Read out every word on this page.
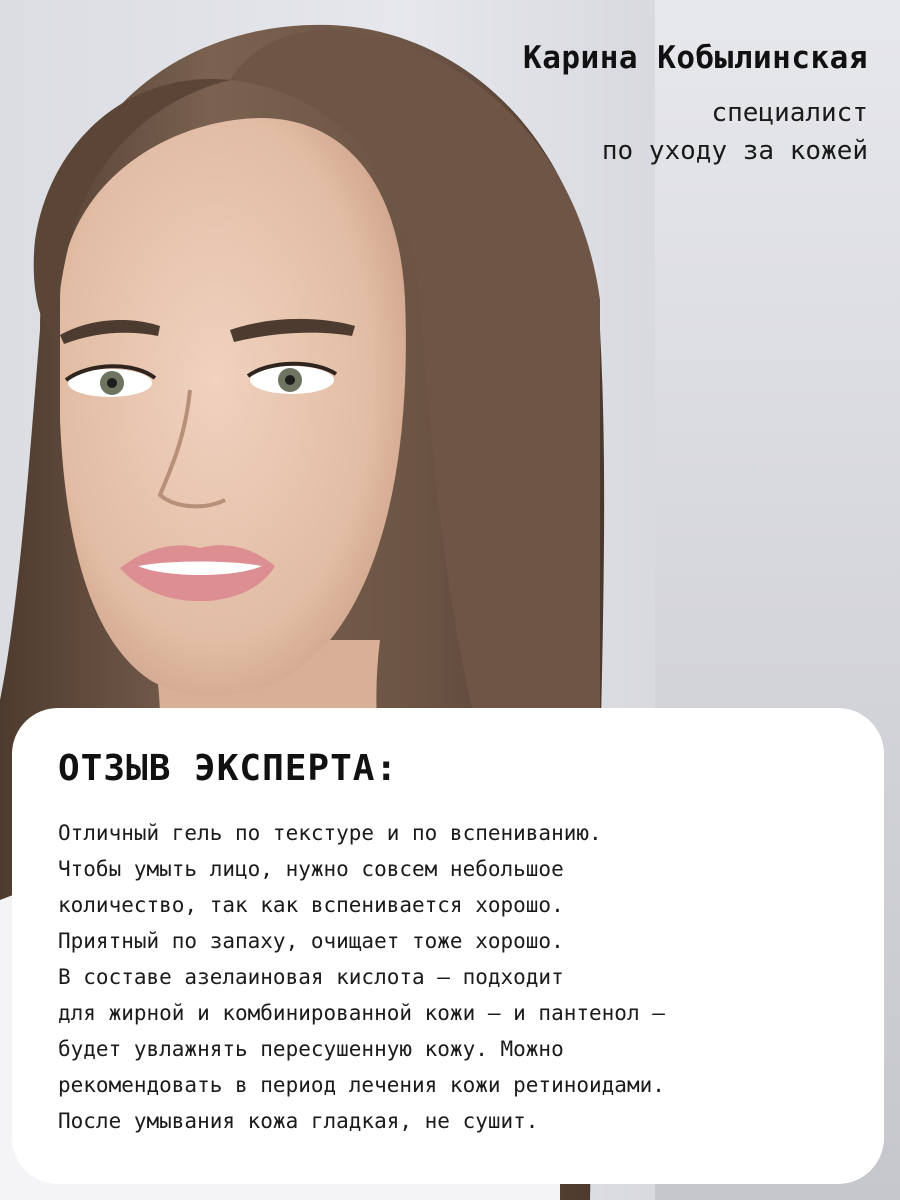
Карина Кобылинская
специалист
по уходу за кожей
ОТЗЫВ ЭКСПЕРТА:
Отличный гель по текстуре и по вспениванию.
Чтобы умыть лицо, нужно совсем небольшое
количество, так как вспенивается хорошо.
Приятный по запаху, очищает тоже хорошо.
В составе азелаиновая кислота — подходит
для жирной и комбинированной кожи — и пантенол —
будет увлажнять пересушенную кожу. Можно
рекомендовать в период лечения кожи ретиноидами.
После умывания кожа гладкая, не сушит.
